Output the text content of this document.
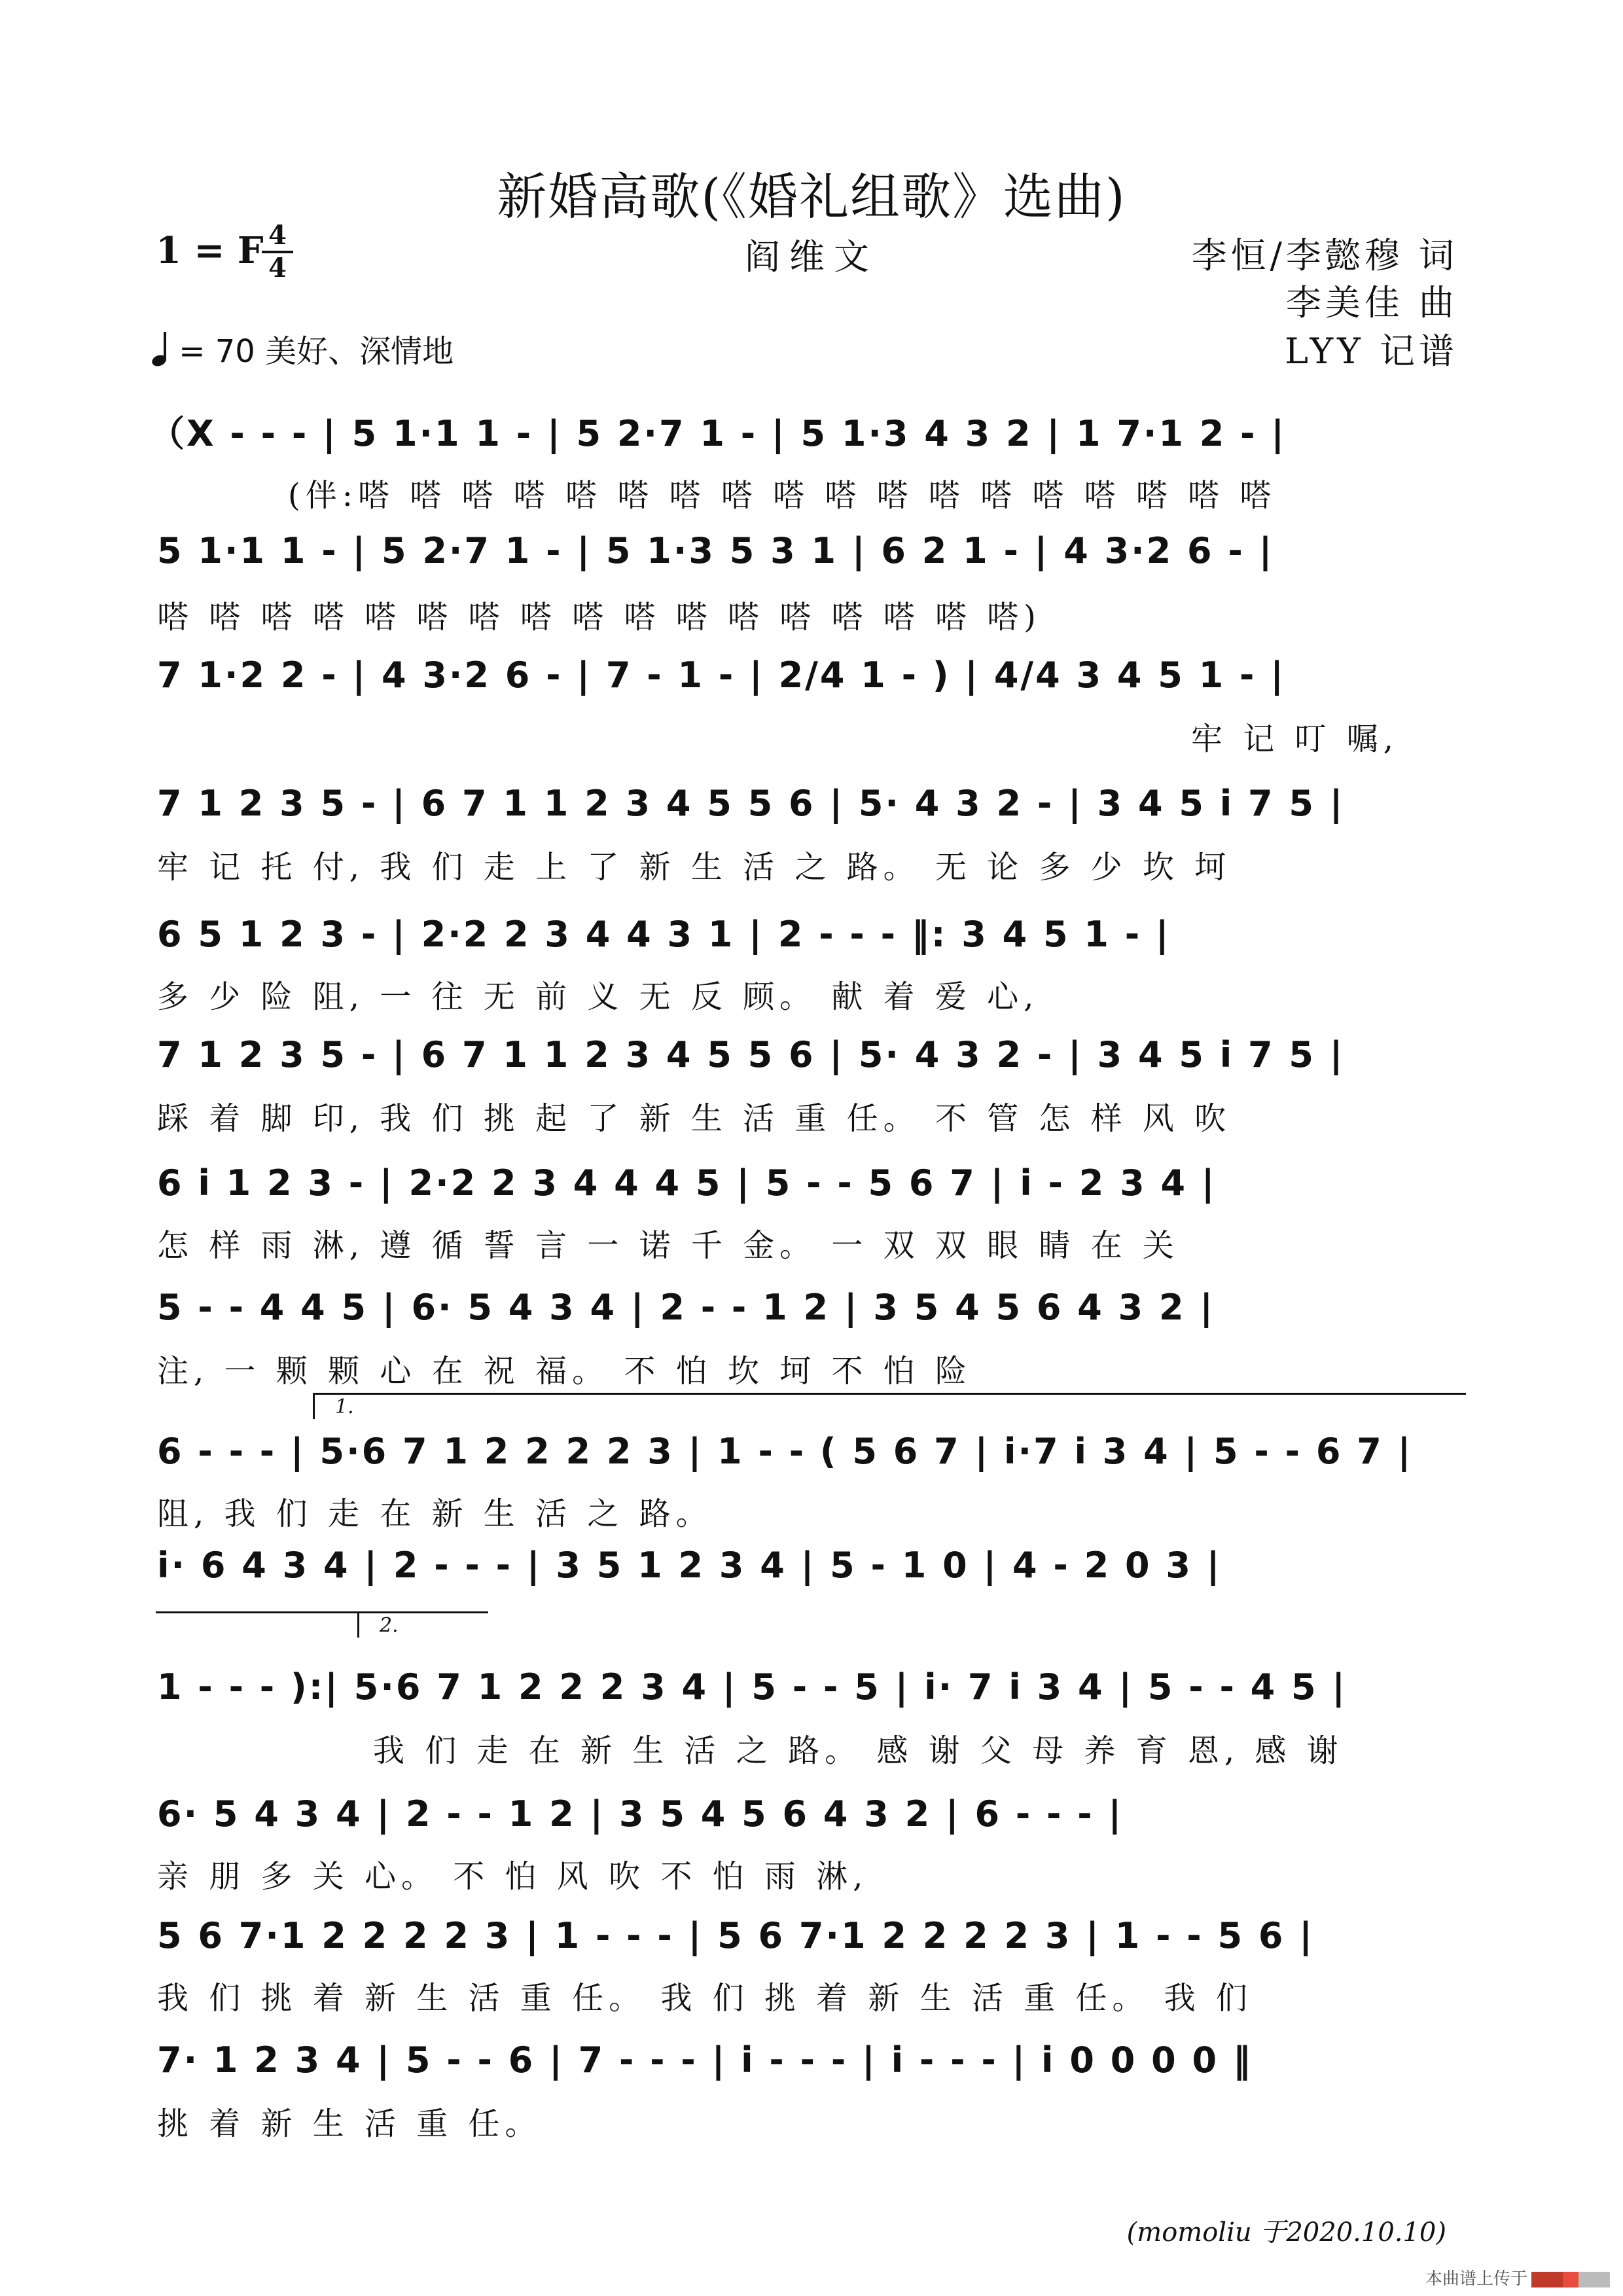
新婚高歌(《婚礼组歌》选曲)
1 = F 4
4	阎维文	李恒/李懿穆 词
李美佳 曲
LYY 记谱
= 70 美好、深情地
（X - - - | 5 1·1 1 - | 5 2·7 1 - | 5 1·3 4 3 2 | 1 7·1 2 - |
(伴:嗒 嗒 嗒 嗒 嗒 嗒 嗒 嗒 嗒 嗒 嗒 嗒 嗒 嗒 嗒 嗒 嗒 嗒
5 1·1 1 - | 5 2·7 1 - | 5 1·3 5 3 1 | 6 2 1 - | 4 3·2 6 - |
嗒 嗒 嗒 嗒 嗒 嗒 嗒 嗒 嗒 嗒 嗒 嗒 嗒 嗒 嗒 嗒 嗒)
7 1·2 2 - | 4 3·2 6 - | 7 - 1 - | 2/4 1 - ) | 4/4 3 4 5 1 - |
牢 记 叮 嘱,
7 1 2 3 5 - | 6 7 1 1 2 3 4 5 5 6 | 5· 4 3 2 - | 3 4 5 i 7 5 |
牢 记 托 付, 我 们 走 上 了 新 生 活 之 路。 无 论 多 少 坎 坷
6 5 1 2 3 - | 2·2 2 3 4 4 3 1 | 2 - - - ‖: 3 4 5 1 - |
多 少 险 阻, 一 往 无 前 义 无 反 顾。 献 着 爱 心,
7 1 2 3 5 - | 6 7 1 1 2 3 4 5 5 6 | 5· 4 3 2 - | 3 4 5 i 7 5 |
踩 着 脚 印, 我 们 挑 起 了 新 生 活 重 任。 不 管 怎 样 风 吹
6 i 1 2 3 - | 2·2 2 3 4 4 4 5 | 5 - - 5 6 7 | i - 2 3 4 |
怎 样 雨 淋, 遵 循 誓 言 一 诺 千 金。 一 双 双 眼 睛 在 关
5 - - 4 4 5 | 6· 5 4 3 4 | 2 - - 1 2 | 3 5 4 5 6 4 3 2 |
注, 一 颗 颗 心 在 祝 福。 不 怕 坎 坷 不 怕 险
1.
6 - - - | 5·6 7 1 2 2 2 2 3 | 1 - - ( 5 6 7 | i·7 i 3 4 | 5 - - 6 7 |
阻, 我 们 走 在 新 生 活 之 路。
i· 6 4 3 4 | 2 - - - | 3 5 1 2 3 4 | 5 - 1 0 | 4 - 2 0 3 |
2.
1 - - - ):| 5·6 7 1 2 2 2 3 4 | 5 - - 5 | i· 7 i 3 4 | 5 - - 4 5 |
我 们 走 在 新 生 活 之 路。 感 谢 父 母 养 育 恩, 感 谢
6· 5 4 3 4 | 2 - - 1 2 | 3 5 4 5 6 4 3 2 | 6 - - - |
亲 朋 多 关 心。 不 怕 风 吹 不 怕 雨 淋,
5 6 7·1 2 2 2 2 3 | 1 - - - | 5 6 7·1 2 2 2 2 3 | 1 - - 5 6 |
我 们 挑 着 新 生 活 重 任。 我 们 挑 着 新 生 活 重 任。 我 们
7· 1 2 3 4 | 5 - - 6 | 7 - - - | i - - - | i - - - | i 0 0 0 0 ‖
挑 着 新 生 活 重 任。
(momoliu 于2020.10.10)
本曲谱上传于
